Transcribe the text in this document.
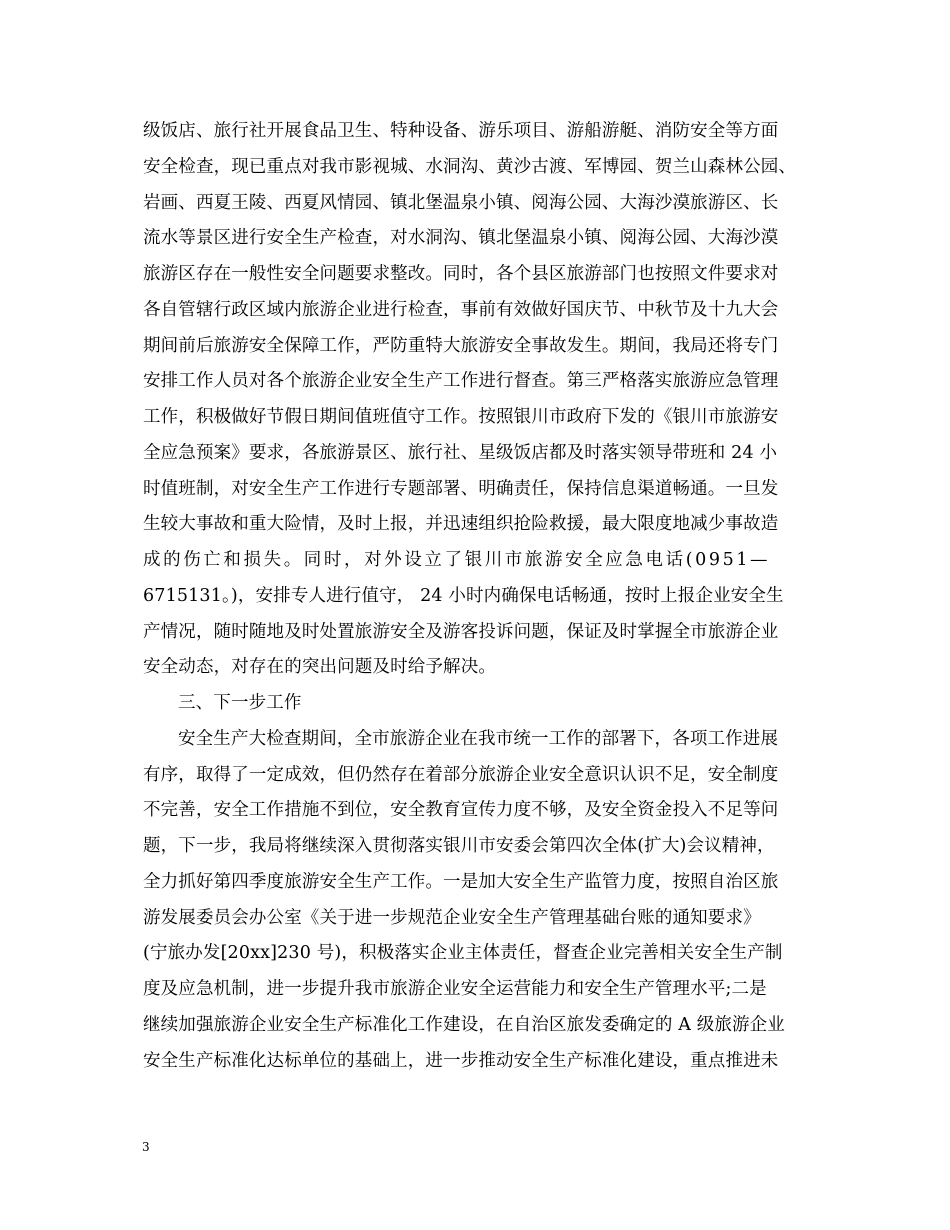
级饭店、旅行社开展食品卫生、特种设备、游乐项目、游船游艇、消防安全等方面
安全检查，现已重点对我市影视城、水洞沟、黄沙古渡、军博园、贺兰山森林公园、
岩画、西夏王陵、西夏风情园、镇北堡温泉小镇、阅海公园、大海沙漠旅游区、长
流水等景区进行安全生产检查，对水洞沟、镇北堡温泉小镇、阅海公园、大海沙漠
旅游区存在一般性安全问题要求整改。同时，各个县区旅游部门也按照文件要求对
各自管辖行政区域内旅游企业进行检查，事前有效做好国庆节、中秋节及十九大会
期间前后旅游安全保障工作，严防重特大旅游安全事故发生。期间，我局还将专门
安排工作人员对各个旅游企业安全生产工作进行督查。第三严格落实旅游应急管理
工作，积极做好节假日期间值班值守工作。按照银川市政府下发的《银川市旅游安
全应急预案》要求，各旅游景区、旅行社、星级饭店都及时落实领导带班和 24 小
时值班制，对安全生产工作进行专题部署、明确责任，保持信息渠道畅通。一旦发
生较大事故和重大险情，及时上报，并迅速组织抢险救援，最大限度地减少事故造
成的伤亡和损失。同时，对外设立了银川市旅游安全应急电话(0951—
6715131。)，安排专人进行值守， 24 小时内确保电话畅通，按时上报企业安全生
产情况，随时随地及时处置旅游安全及游客投诉问题，保证及时掌握全市旅游企业
安全动态，对存在的突出问题及时给予解决。
三、下一步工作
安全生产大检查期间，全市旅游企业在我市统一工作的部署下，各项工作进展
有序，取得了一定成效，但仍然存在着部分旅游企业安全意识认识不足，安全制度
不完善，安全工作措施不到位，安全教育宣传力度不够，及安全资金投入不足等问
题，下一步，我局将继续深入贯彻落实银川市安委会第四次全体(扩大)会议精神，
全力抓好第四季度旅游安全生产工作。一是加大安全生产监管力度，按照自治区旅
游发展委员会办公室《关于进一步规范企业安全生产管理基础台账的通知要求》
(宁旅办发[20xx]230 号)，积极落实企业主体责任，督查企业完善相关安全生产制
度及应急机制，进一步提升我市旅游企业安全运营能力和安全生产管理水平;二是
继续加强旅游企业安全生产标准化工作建设，在自治区旅发委确定的 A 级旅游企业
安全生产标准化达标单位的基础上，进一步推动安全生产标准化建设，重点推进未
3
